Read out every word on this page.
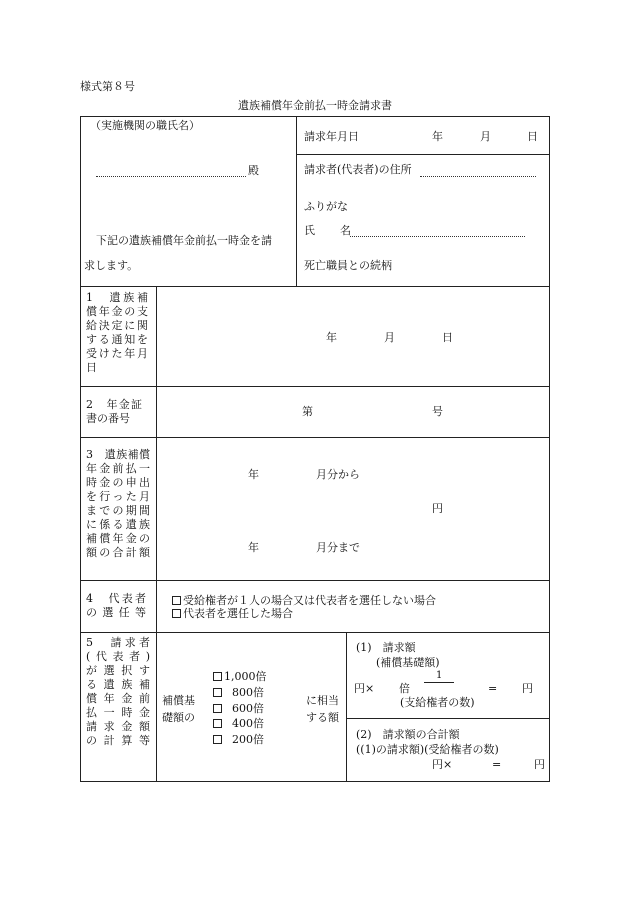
様式第８号
遺族補償年金前払一時金請求書
（実施機関の職氏名）
殿
下記の遺族補償年金前払一時金を請
求します。
請求年月日	年	月	日
請求者(代表者)の住所
ふりがな
氏 名
死亡職員との続柄
1　遺族補
償年金の支
給決定に関
する通知を
受けた年月
日
年	月	日
2　年金証
書の番号
第	号
3　遺族補償
年金前払一
時金の申出
を行った月
までの期間
に係る遺族
補償年金の
額の合計額
年	月分から
円
年	月分まで
4　代表者
の選任等
受給権者が１人の場合又は代表者を選任しない場合
代表者を選任した場合
5　請求者
(代表者)
が選択す
る遺族補
償年金前
払一時金
請求金額
の計算等
補償基
礎額の
1,000倍
800倍
600倍
400倍
200倍
に相当
する額
(1)　請求額
(補償基礎額)
1
円× 倍	= 円
(支給権者の数)
(2)　請求額の合計額
((1)の請求額)(受給権者の数)
円×	=	円
